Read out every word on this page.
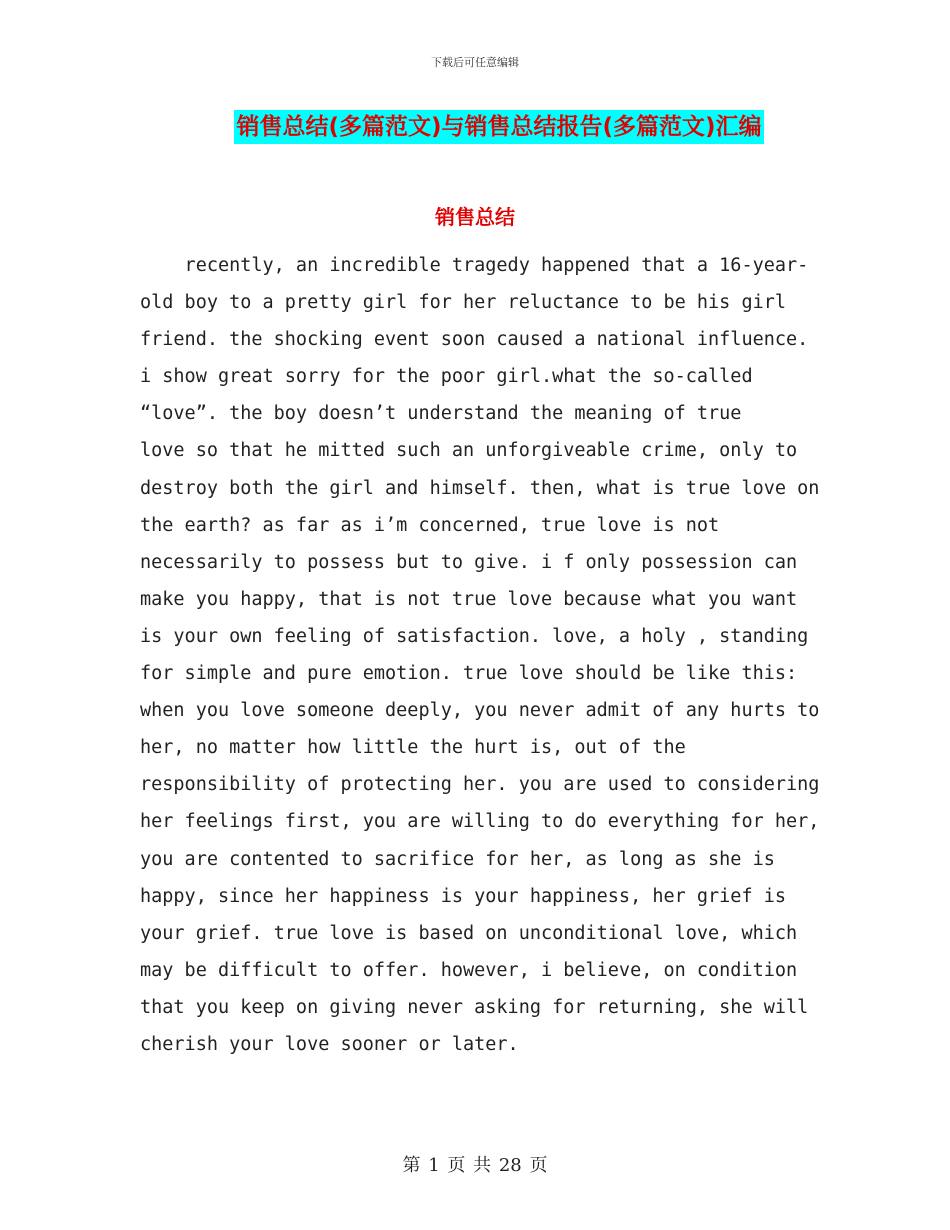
下载后可任意编辑
销售总结(多篇范文)与销售总结报告(多篇范文)汇编
销售总结
recently, an incredible tragedy happened that a 16-year-
old boy to a pretty girl for her reluctance to be his girl
friend. the shocking event soon caused a national influence.
i show great sorry for the poor girl.what the so-called
“love”. the boy doesn’t understand the meaning of true
love so that he mitted such an unforgiveable crime, only to
destroy both the girl and himself. then, what is true love on
the earth? as far as i’m concerned, true love is not
necessarily to possess but to give. i f only possession can
make you happy, that is not true love because what you want
is your own feeling of satisfaction. love, a holy , standing
for simple and pure emotion. true love should be like this:
when you love someone deeply, you never admit of any hurts to
her, no matter how little the hurt is, out of the
responsibility of protecting her. you are used to considering
her feelings first, you are willing to do everything for her,
you are contented to sacrifice for her, as long as she is
happy, since her happiness is your happiness, her grief is
your grief. true love is based on unconditional love, which
may be difficult to offer. however, i believe, on condition
that you keep on giving never asking for returning, she will
cherish your love sooner or later.
第 1 页 共 28 页
